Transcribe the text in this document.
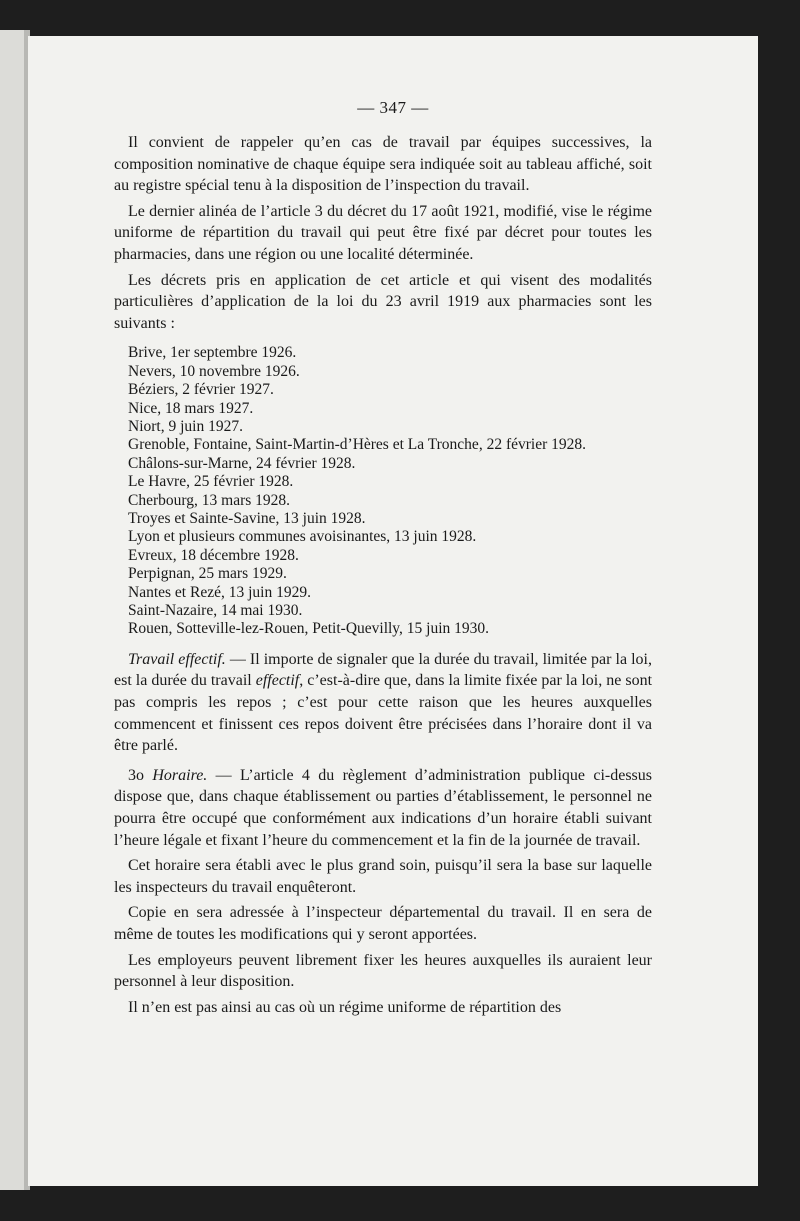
— 347 —

Il convient de rappeler qu’en cas de travail par équipes successives, la composition nominative de chaque équipe sera indiquée soit au tableau affiché, soit au registre spécial tenu à la disposition de l’inspection du travail.

Le dernier alinéa de l’article 3 du décret du 17 août 1921, modifié, vise le régime uniforme de répartition du travail qui peut être fixé par décret pour toutes les pharmacies, dans une région ou une localité déterminée.

Les décrets pris en application de cet article et qui visent des modalités particulières d’application de la loi du 23 avril 1919 aux pharmacies sont les suivants :

Brive, 1er septembre 1926.
Nevers, 10 novembre 1926.
Béziers, 2 février 1927.
Nice, 18 mars 1927.
Niort, 9 juin 1927.
Grenoble, Fontaine, Saint-Martin-d’Hères et La Tronche, 22 février 1928.
Châlons-sur-Marne, 24 février 1928.
Le Havre, 25 février 1928.
Cherbourg, 13 mars 1928.
Troyes et Sainte-Savine, 13 juin 1928.
Lyon et plusieurs communes avoisinantes, 13 juin 1928.
Evreux, 18 décembre 1928.
Perpignan, 25 mars 1929.
Nantes et Rezé, 13 juin 1929.
Saint-Nazaire, 14 mai 1930.
Rouen, Sotteville-lez-Rouen, Petit-Quevilly, 15 juin 1930.

Travail effectif. — Il importe de signaler que la durée du travail, limitée par la loi, est la durée du travail effectif, c’est-à-dire que, dans la limite fixée par la loi, ne sont pas compris les repos ; c’est pour cette raison que les heures auxquelles commencent et finissent ces repos doivent être précisées dans l’horaire dont il va être parlé.

3o Horaire. — L’article 4 du règlement d’administration publique ci-dessus dispose que, dans chaque établissement ou parties d’établissement, le personnel ne pourra être occupé que conformément aux indications d’un horaire établi suivant l’heure légale et fixant l’heure du commencement et la fin de la journée de travail.

Cet horaire sera établi avec le plus grand soin, puisqu’il sera la base sur laquelle les inspecteurs du travail enquêteront.

Copie en sera adressée à l’inspecteur départemental du travail. Il en sera de même de toutes les modifications qui y seront apportées.

Les employeurs peuvent librement fixer les heures auxquelles ils auraient leur personnel à leur disposition.

Il n’en est pas ainsi au cas où un régime uniforme de répartition des
